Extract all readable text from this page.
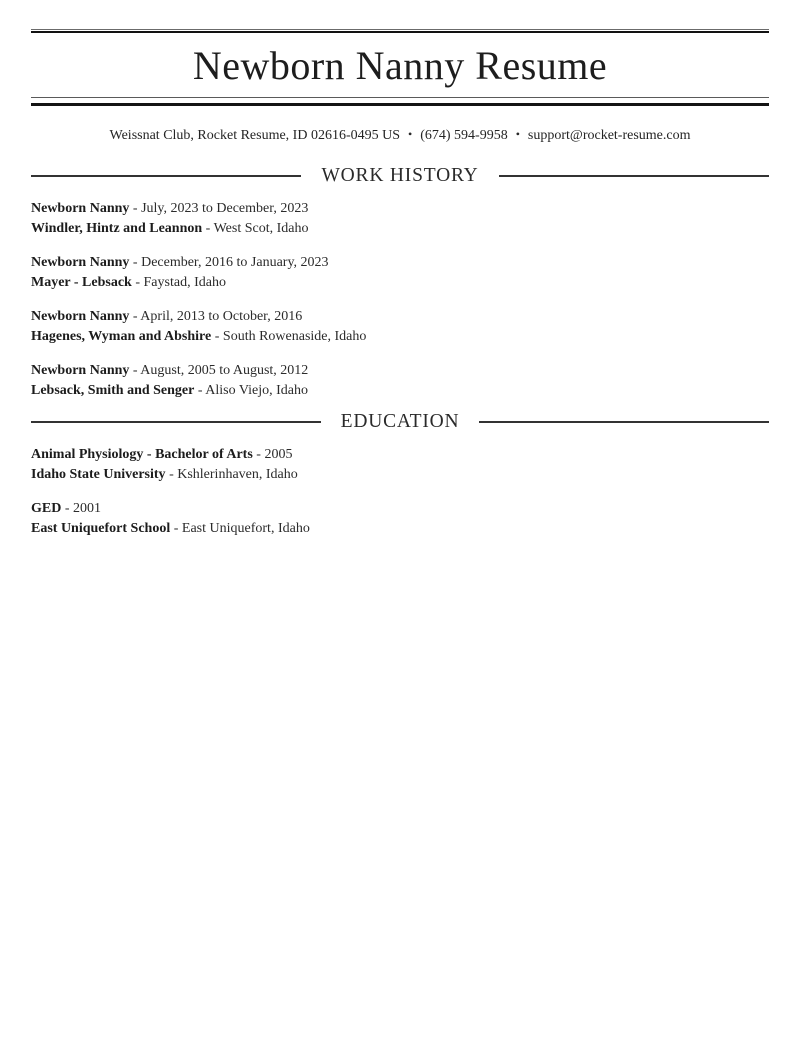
Newborn Nanny Resume
Weissnat Club, Rocket Resume, ID 02616-0495 US • (674) 594-9958 • support@rocket-resume.com
WORK HISTORY

Newborn Nanny - July, 2023 to December, 2023

Windler, Hintz and Leannon - West Scot, Idaho

Newborn Nanny - December, 2016 to January, 2023

Mayer - Lebsack - Faystad, Idaho

Newborn Nanny - April, 2013 to October, 2016

Hagenes, Wyman and Abshire - South Rowenaside, Idaho

Newborn Nanny - August, 2005 to August, 2012

Lebsack, Smith and Senger - Aliso Viejo, Idaho

EDUCATION

Animal Physiology - Bachelor of Arts - 2005

Idaho State University - Kshlerinhaven, Idaho

GED - 2001

East Uniquefort School - East Uniquefort, Idaho
